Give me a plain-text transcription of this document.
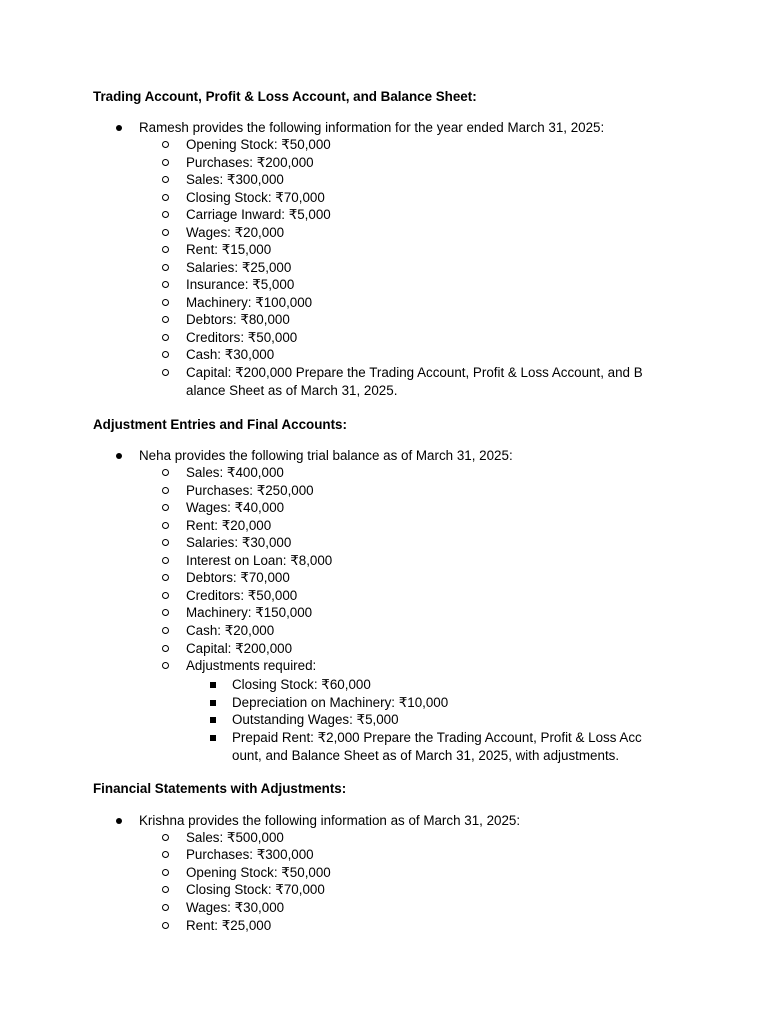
Trading Account, Profit & Loss Account, and Balance Sheet:
Ramesh provides the following information for the year ended March 31, 2025:
Opening Stock: ₹50,000
Purchases: ₹200,000
Sales: ₹300,000
Closing Stock: ₹70,000
Carriage Inward: ₹5,000
Wages: ₹20,000
Rent: ₹15,000
Salaries: ₹25,000
Insurance: ₹5,000
Machinery: ₹100,000
Debtors: ₹80,000
Creditors: ₹50,000
Cash: ₹30,000
Capital: ₹200,000 Prepare the Trading Account, Profit & Loss Account, and B
alance Sheet as of March 31, 2025.
Adjustment Entries and Final Accounts:
Neha provides the following trial balance as of March 31, 2025:
Sales: ₹400,000
Purchases: ₹250,000
Wages: ₹40,000
Rent: ₹20,000
Salaries: ₹30,000
Interest on Loan: ₹8,000
Debtors: ₹70,000
Creditors: ₹50,000
Machinery: ₹150,000
Cash: ₹20,000
Capital: ₹200,000
Adjustments required:
Closing Stock: ₹60,000
Depreciation on Machinery: ₹10,000
Outstanding Wages: ₹5,000
Prepaid Rent: ₹2,000 Prepare the Trading Account, Profit & Loss Acc
ount, and Balance Sheet as of March 31, 2025, with adjustments.
Financial Statements with Adjustments:
Krishna provides the following information as of March 31, 2025:
Sales: ₹500,000
Purchases: ₹300,000
Opening Stock: ₹50,000
Closing Stock: ₹70,000
Wages: ₹30,000
Rent: ₹25,000
